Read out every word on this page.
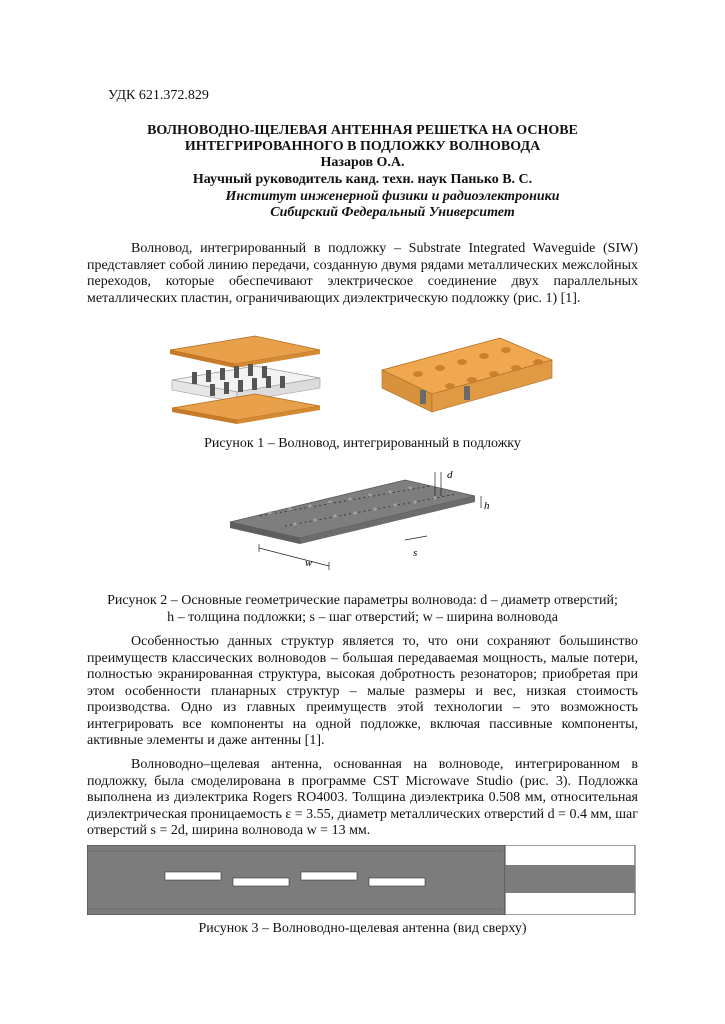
УДК 621.372.829
ВОЛНОВОДНО-ЩЕЛЕВАЯ АНТЕННАЯ РЕШЕТКА НА ОСНОВЕ
ИНТЕГРИРОВАННОГО В ПОДЛОЖКУ ВОЛНОВОДА
Назаров О.А.
Научный руководитель канд. техн. наук Панько В. С.
Институт инженерной физики и радиоэлектроники
Сибирский Федеральный Университет

Волновод, интегрированный в подложку – Substrate Integrated Waveguide (SIW) представляет собой линию передачи, созданную двумя рядами металлических межслойных переходов, которые обеспечивают электрическое соединение двух параллельных металлических пластин, ограничивающих диэлектрическую подложку (рис. 1) [1].

Рисунок 1 – Волновод, интегрированный в подложку
d
h
s
w
Рисунок 2 – Основные геометрические параметры волновода: d – диаметр отверстий;
h – толщина подложки; s – шаг отверстий; w – ширина волновода

Особенностью данных структур является то, что они сохраняют большинство преимуществ классических волноводов – большая передаваемая мощность, малые потери, полностью экранированная структура, высокая добротность резонаторов; приобретая при этом особенности планарных структур – малые размеры и вес, низкая стоимость производства. Одно из главных преимуществ этой технологии – это возможность интегрировать все компоненты на одной подложке, включая пассивные компоненты, активные элементы и даже антенны [1].

Волноводно–щелевая антенна, основанная на волноводе, интегрированном в подложку, была смоделирована в программе CST Microwave Studio (рис. 3). Подложка выполнена из диэлектрика Rogers RO4003. Толщина диэлектрика 0.508 мм, относительная диэлектрическая проницаемость ε = 3.55, диаметр металлических отверстий d = 0.4 мм, шаг отверстий s = 2d, ширина волновода w = 13 мм.

Рисунок 3 – Волноводно-щелевая антенна (вид сверху)
